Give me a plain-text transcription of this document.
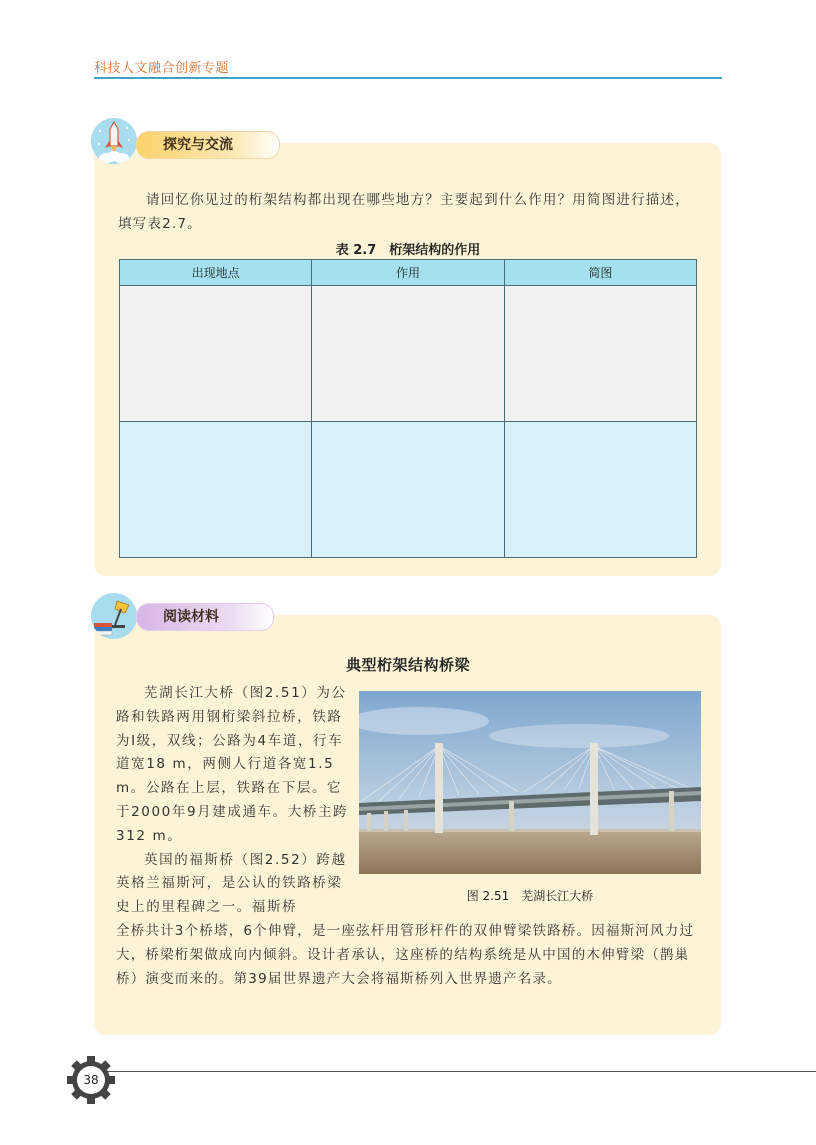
科技人文融合创新专题
探究与交流
请回忆你见过的桁架结构都出现在哪些地方？主要起到什么作用？用简图进行描述，填写表2.7。
表 2.7　桁架结构的作用
出现地点	作用	简图

阅读材料
典型桁架结构桥梁

芜湖长江大桥（图2.51）为公路和铁路两用钢桁梁斜拉桥，铁路为Ⅰ级，双线；公路为4车道，行车道宽18 m，两侧人行道各宽1.5 m。公路在上层，铁路在下层。它于2000年9月建成通车。大桥主跨312 m。

英国的福斯桥（图2.52）跨越英格兰福斯河，是公认的铁路桥梁史上的里程碑之一。福斯桥

图 2.51　芜湖长江大桥

全桥共计3个桥塔，6个伸臂，是一座弦杆用管形杆件的双伸臂梁铁路桥。因福斯河风力过大，桥梁桁架做成向内倾斜。设计者承认，这座桥的结构系统是从中国的木伸臂梁（鹊巢桥）演变而来的。第39届世界遗产大会将福斯桥列入世界遗产名录。

38
